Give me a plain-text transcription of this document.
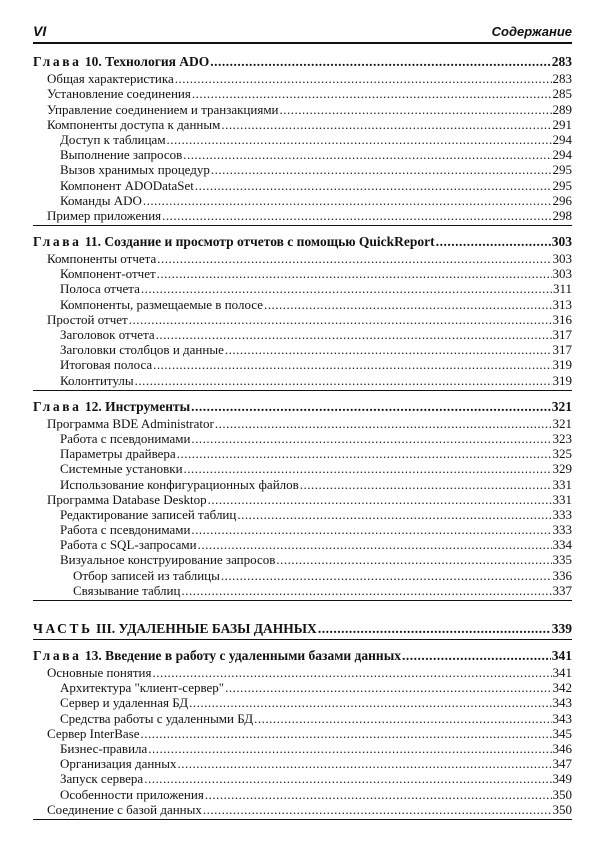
VI	Содержание
Глава 10. Технология ADO .....	283
Общая характеристика .....	283
Установление соединения .....	285
Управление соединением и транзакциями .....	289
Компоненты доступа к данным .....	291
Доступ к таблицам .....	294
Выполнение запросов .....	294
Вызов хранимых процедур .....	295
Компонент ADODataSet .....	295
Команды ADO .....	296
Пример приложения .....	298
Глава 11. Создание и просмотр отчетов с помощью QuickReport .....	303
Компоненты отчета .....	303
Компонент-отчет .....	303
Полоса отчета .....	311
Компоненты, размещаемые в полосе .....	313
Простой отчет .....	316
Заголовок отчета .....	317
Заголовки столбцов и данные .....	317
Итоговая полоса .....	319
Колонтитулы .....	319
Глава 12. Инструменты .....	321
Программа BDE Administrator .....	321
Работа с псевдонимами .....	323
Параметры драйвера .....	325
Системные установки .....	329
Использование конфигурационных файлов .....	331
Программа Database Desktop .....	331
Редактирование записей таблиц .....	333
Работа с псевдонимами .....	333
Работа с SQL-запросами .....	334
Визуальное конструирование запросов .....	335
Отбор записей из таблицы .....	336
Связывание таблиц .....	337
ЧАСТЬ III. УДАЛЕННЫЕ БАЗЫ ДАННЫХ .....	339
Глава 13. Введение в работу с удаленными базами данных .....	341
Основные понятия .....	341
Архитектура "клиент-сервер" .....	342
Сервер и удаленная БД .....	343
Средства работы с удаленными БД .....	343
Сервер InterBase .....	345
Бизнес-правила .....	346
Организация данных .....	347
Запуск сервера .....	349
Особенности приложения .....	350
Соединение с базой данных .....	350
